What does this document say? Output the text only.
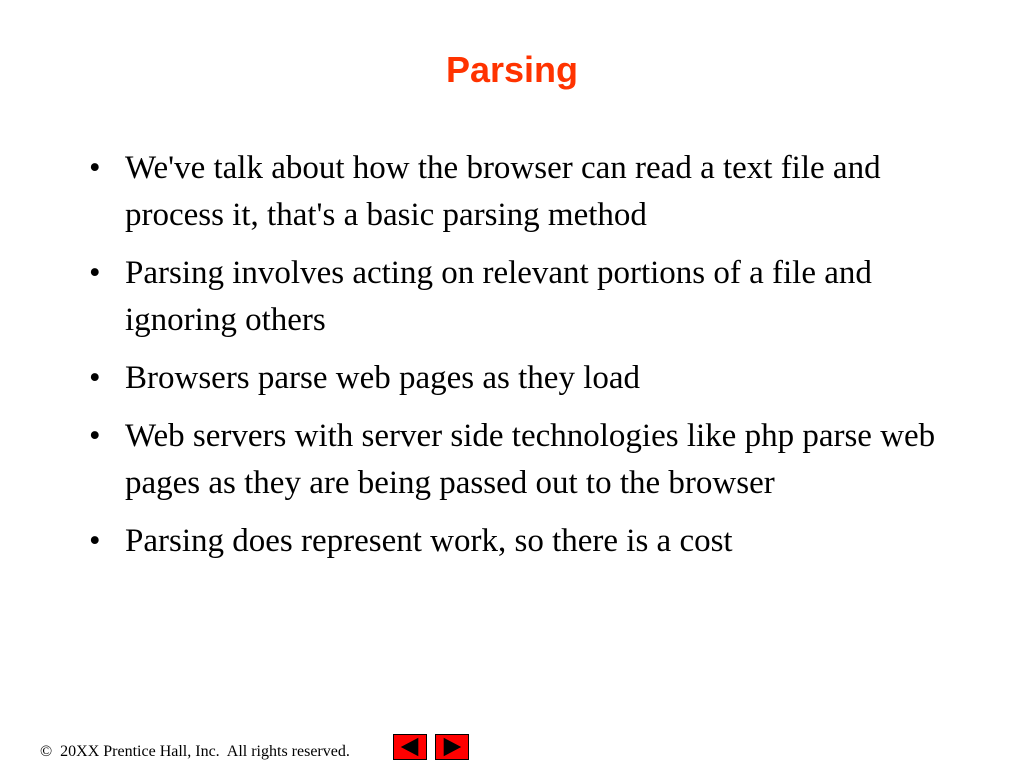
Parsing
• We've talk about how the browser can read a text file and process it, that's a basic parsing method
• Parsing involves acting on relevant portions of a file and ignoring others
• Browsers parse web pages as they load
• Web servers with server side technologies like php parse web pages as they are being passed out to the browser
• Parsing does represent work, so there is a cost
©  20XX Prentice Hall, Inc.  All rights reserved.
